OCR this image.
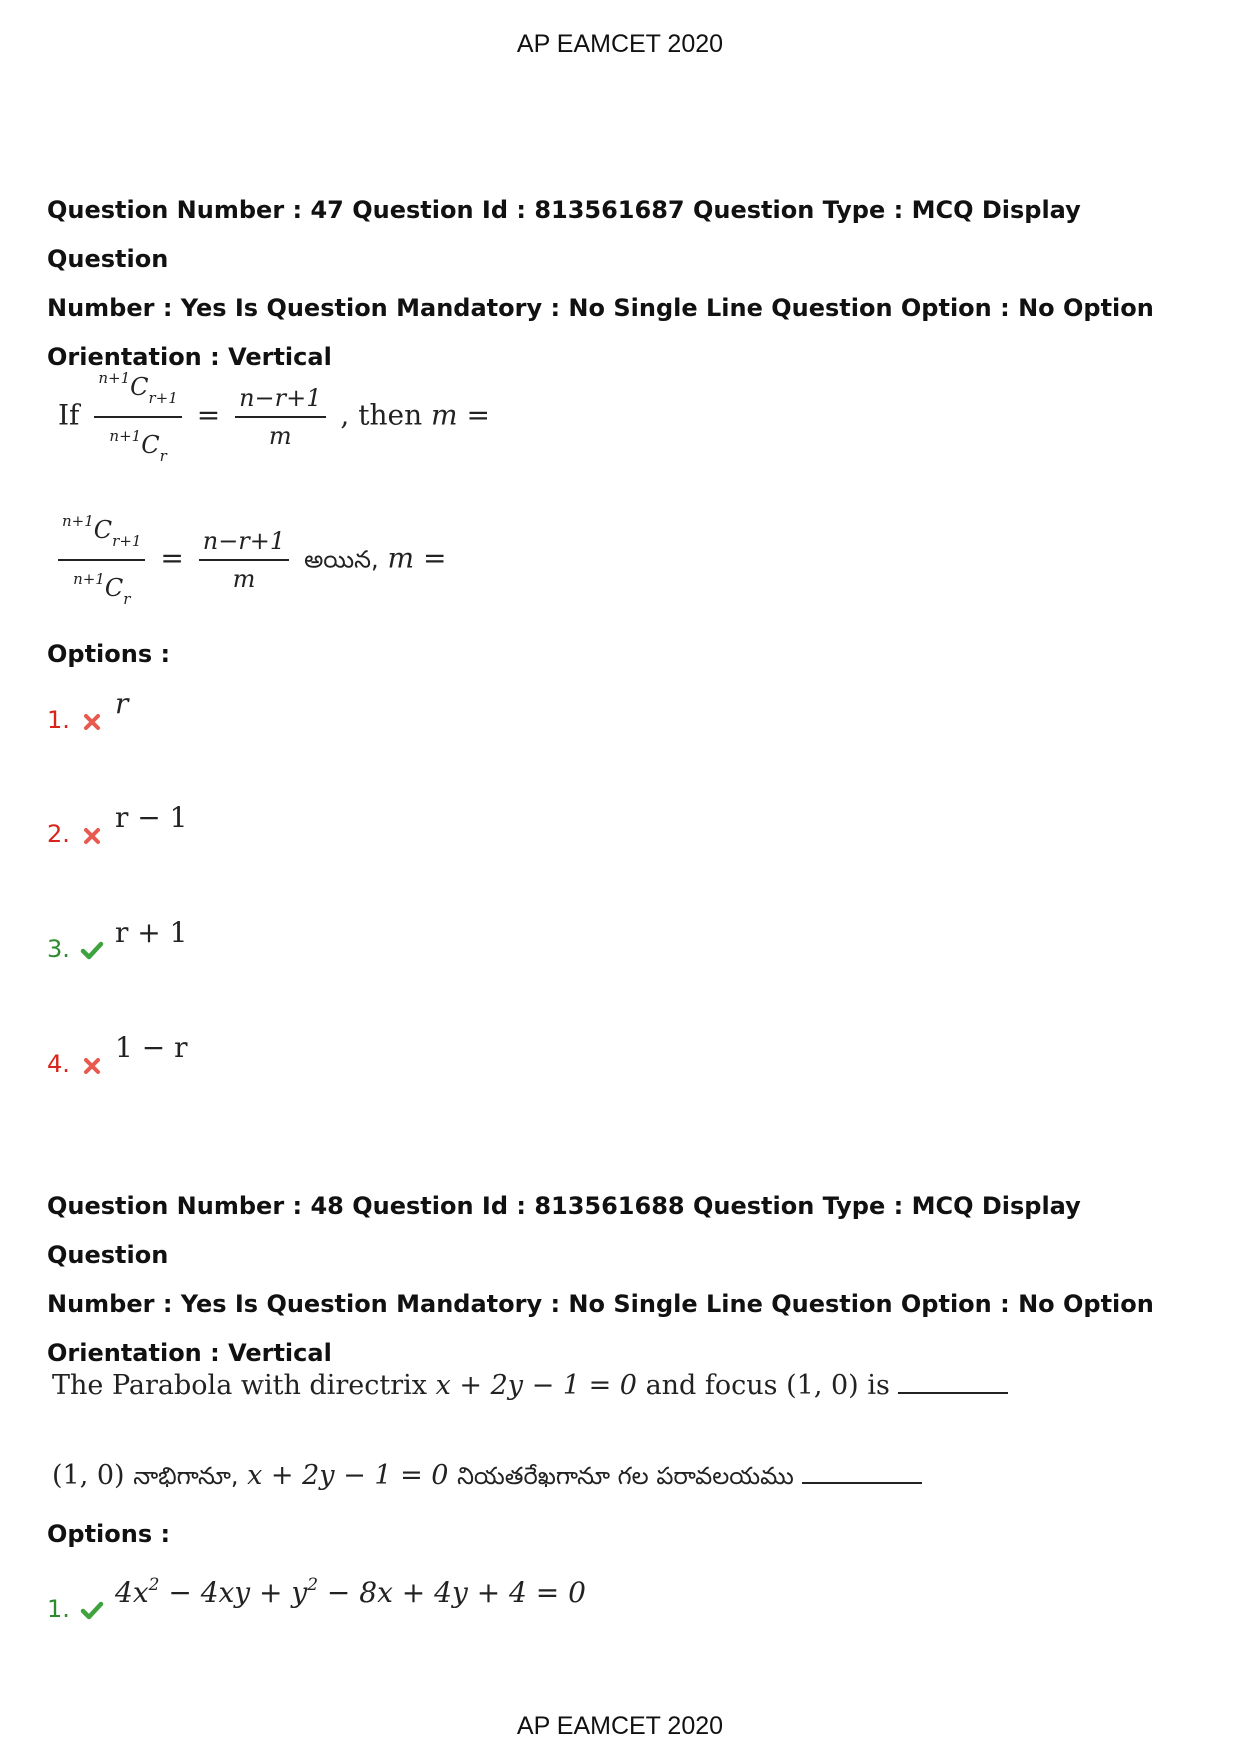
AP EAMCET 2020
Question Number : 47 Question Id : 813561687 Question Type : MCQ Display Question
Number : Yes Is Question Mandatory : No Single Line Question Option : No Option
Orientation : Vertical
If $\frac{^{n+1}C_{r+1}}{^{n+1}C_r} = \frac{n-r+1}{m}$ , then m =
$\frac{^{n+1}C_{r+1}}{^{n+1}C_r} = \frac{n-r+1}{m}$ అయిన, m =
Options :
1. r
2. r − 1
3. r + 1
4. 1 − r
Question Number : 48 Question Id : 813561688 Question Type : MCQ Display Question
Number : Yes Is Question Mandatory : No Single Line Question Option : No Option
Orientation : Vertical
The Parabola with directrix x + 2y − 1 = 0 and focus (1, 0) is
(1, 0) నాభిగానూ, x + 2y − 1 = 0 నియతరేఖగానూ గల పరావలయము
Options :
1. $4x^2 - 4xy + y^2 - 8x + 4y + 4 = 0$
AP EAMCET 2020
